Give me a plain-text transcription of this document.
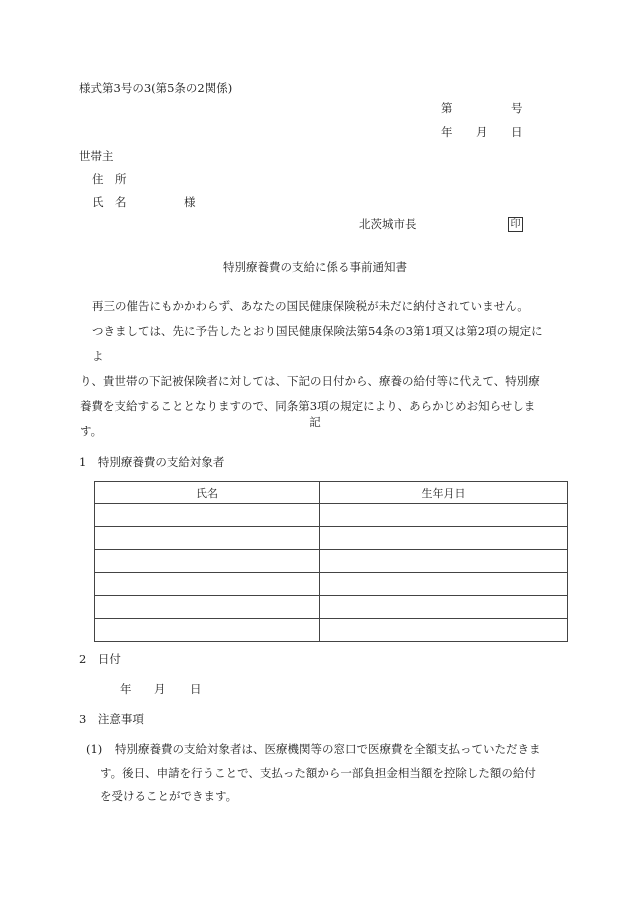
様式第3号の3(第5条の2関係)
第	号
年 月 日
世帯主
住　所
氏　名	様
北茨城市長	印
特別療養費の支給に係る事前通知書
再三の催告にもかかわらず、あなたの国民健康保険税が未だに納付されていません。
つきましては、先に予告したとおり国民健康保険法第54条の3第1項又は第2項の規定によ
り、貴世帯の下記被保険者に対しては、下記の日付から、療養の給付等に代えて、特別療
養費を支給することとなりますので、同条第3項の規定により、あらかじめお知らせします。
記
1　特別療養費の支給対象者
氏名	生年月日

2　日付
年 月 日
3　注意事項
(1)	特別療養費の支給対象者は、医療機関等の窓口で医療費を全額支払っていただきま
す。後日、申請を行うことで、支払った額から一部負担金相当額を控除した額の給付
を受けることができます。
